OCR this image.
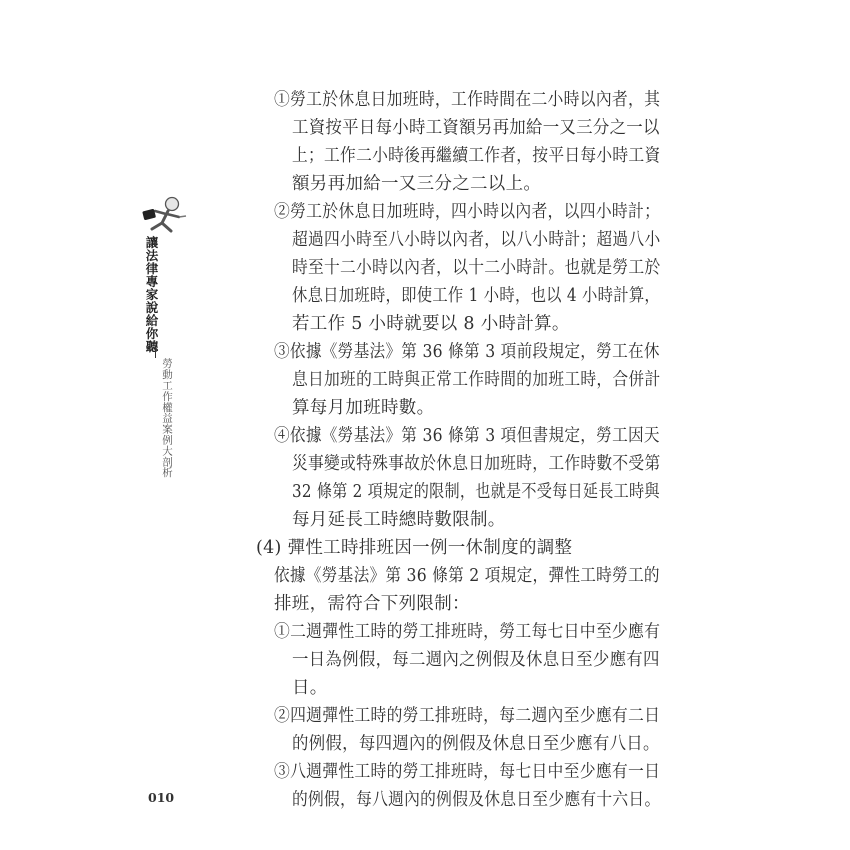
讓法律專家說給你聽
勞動工作權益案例大剖析

①勞工於休息日加班時，工作時間在二小時以內者，其

工資按平日每小時工資額另再加給一又三分之一以

上；工作二小時後再繼續工作者，按平日每小時工資

額另再加給一又三分之二以上。

②勞工於休息日加班時，四小時以內者，以四小時計；

超過四小時至八小時以內者，以八小時計；超過八小

時至十二小時以內者，以十二小時計。也就是勞工於

休息日加班時，即使工作 1 小時，也以 4 小時計算，

若工作 5 小時就要以 8 小時計算。

③依據《勞基法》第 36 條第 3 項前段規定，勞工在休

息日加班的工時與正常工作時間的加班工時，合併計

算每月加班時數。

④依據《勞基法》第 36 條第 3 項但書規定，勞工因天

災事變或特殊事故於休息日加班時，工作時數不受第

32 條第 2 項規定的限制，也就是不受每日延長工時與

每月延長工時總時數限制。

(4) 彈性工時排班因一例一休制度的調整

依據《勞基法》第 36 條第 2 項規定，彈性工時勞工的

排班，需符合下列限制：

①二週彈性工時的勞工排班時，勞工每七日中至少應有

一日為例假，每二週內之例假及休息日至少應有四

日。

②四週彈性工時的勞工排班時，每二週內至少應有二日

的例假，每四週內的例假及休息日至少應有八日。

③八週彈性工時的勞工排班時，每七日中至少應有一日

的例假，每八週內的例假及休息日至少應有十六日。

010
